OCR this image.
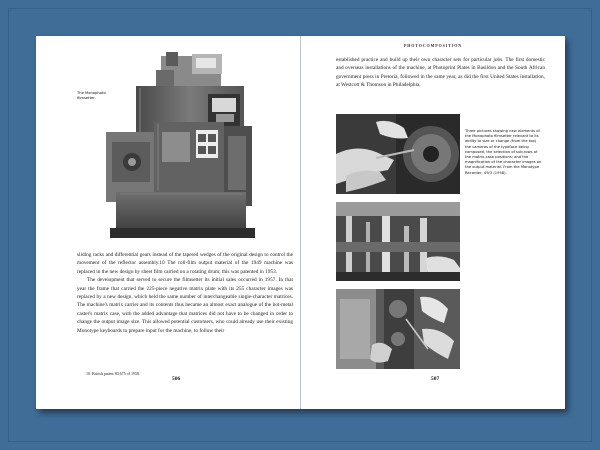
The Monophoto filmsetter.

sliding racks and differential gears instead of the tapered wedges of the original design to control the movement of the reflector assembly.10 The roll-film output material of the 1949 machine was replaced in the new design by sheet film carried on a rotating drum; this was patented in 1953.

The development that served to secure the filmsetter its initial sales occurred in 1957. In that year the frame that carried the 225-piece negative matrix plate with its 255 character images was replaced by a new design, which held the same number of interchangeable single-character matrices. The machine's matrix carrier and its contents thus became an almost exact analogue of the hot-metal caster's matrix case, with the added advantage that matrices did not have to be changed in order to change the output image size. This allowed potential customers, who could already use their existing Monotype keyboards to prepare input for the machine, to follow their

10. British patent 80,675 of 1958.
506
PHOTOCOMPOSITION

established practice and build up their own character sets for particular jobs. The first domestic and overseas installations of the machine, at Photoprint Plates in Basildon and the South African government press in Pretoria, followed in the same year, as did the first United States installation, at Westcott & Thomson in Philadelphia.

Three pictures showing new elements of the Monophoto filmsetter relevant to its ability to size or change (from the top) the cameras of the typeface being composed, the selection of sub-rows of the matrix-case positions; and the magnification of the character images on the output material. From the Monotype Recorder, 49/3 (1958).
507
